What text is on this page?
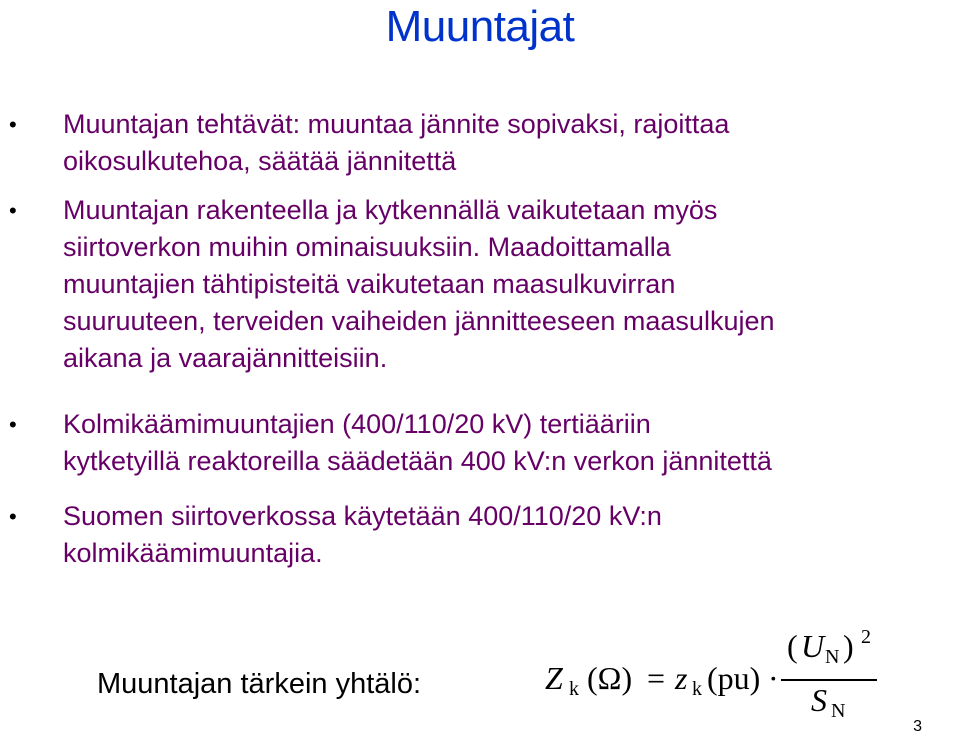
Muuntajat
• Muuntajan tehtävät: muuntaa jännite sopivaksi, rajoittaa
oikosulkutehoa, säätää jännitettä
• Muuntajan rakenteella ja kytkennällä vaikutetaan myös
siirtoverkon muihin ominaisuuksiin. Maadoittamalla
muuntajien tähtipisteitä vaikutetaan maasulkuvirran
suuruuteen, terveiden vaiheiden jännitteeseen maasulkujen
aikana ja vaarajännitteisiin.
• Kolmikäämimuuntajien (400/110/20 kV) tertiääriin
kytketyillä reaktoreilla säädetään 400 kV:n verkon jännitettä
• Suomen siirtoverkossa käytetään 400/110/20 kV:n
kolmikäämimuuntajia.
Muuntajan tärkein yhtälö:	Z k (Ω) = z k (pu) ·
( U N ) 2
S N
3
